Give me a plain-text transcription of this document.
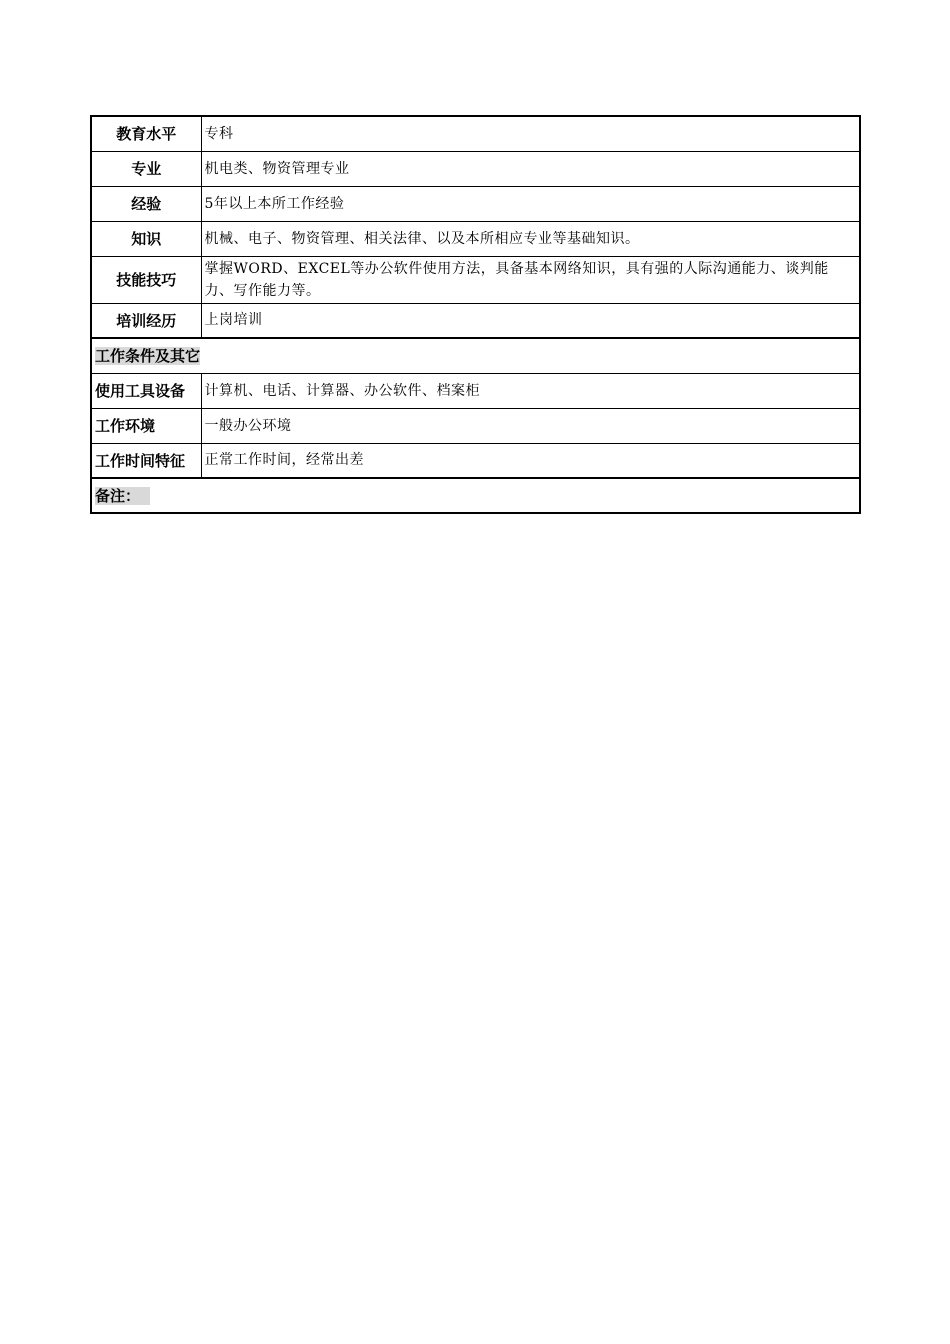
教育水平	专科
专业	机电类、物资管理专业
经验	5年以上本所工作经验
知识	机械、电子、物资管理、相关法律、以及本所相应专业等基础知识。
技能技巧	掌握WORD、EXCEL等办公软件使用方法，具备基本网络知识，具有强的人际沟通能力、谈判能力、写作能力等。
培训经历	上岗培训
工作条件及其它	
使用工具设备	计算机、电话、计算器、办公软件、档案柜
工作环境	一般办公环境
工作时间特征	正常工作时间，经常出差
备注：	
